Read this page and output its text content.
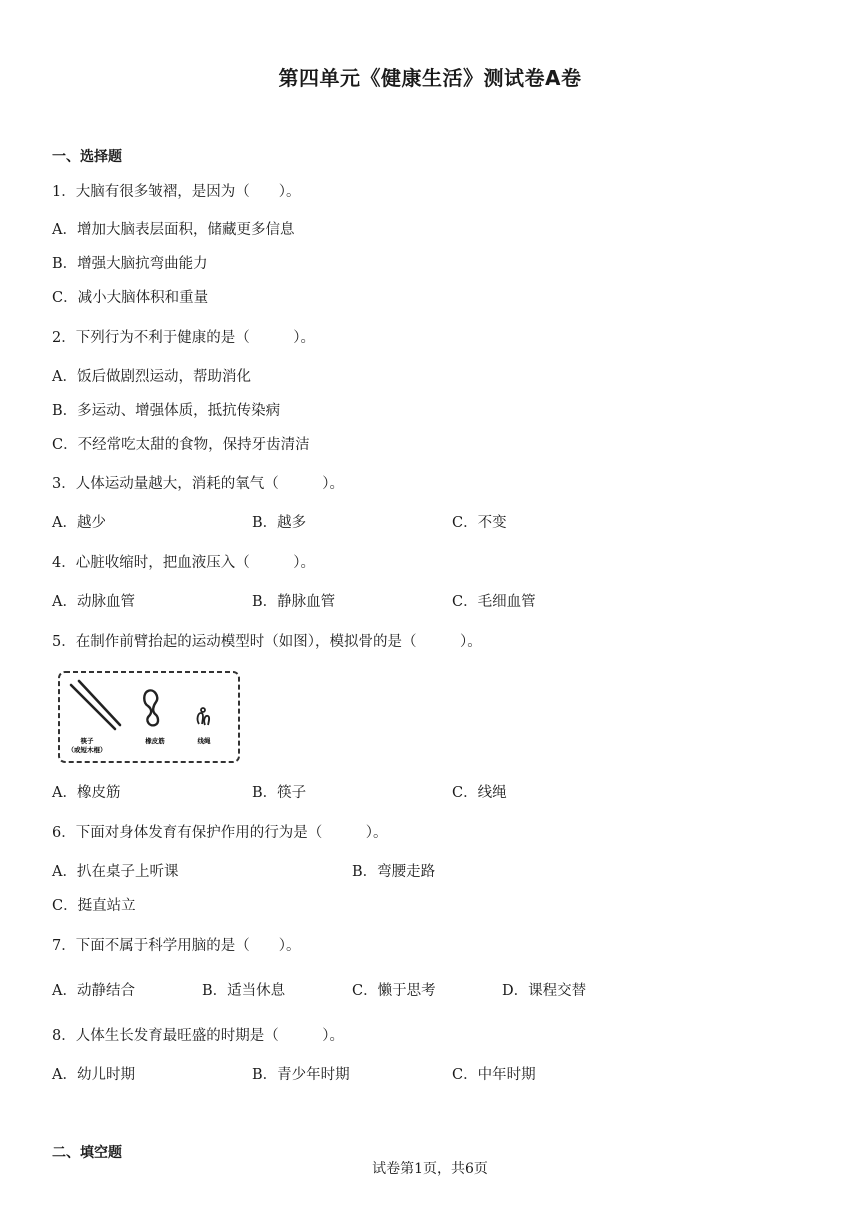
第四单元《健康生活》测试卷A卷
一、选择题
1．大脑有很多皱褶，是因为（　　）。
A．增加大脑表层面积，储藏更多信息
B．增强大脑抗弯曲能力
C．减小大脑体积和重量
2．下列行为不利于健康的是（　　　）。
A．饭后做剧烈运动，帮助消化
B．多运动、增强体质，抵抗传染病
C．不经常吃太甜的食物，保持牙齿清洁
3．人体运动量越大，消耗的氧气（　　　）。
A．越少	B．越多	C．不变
4．心脏收缩时，把血液压入（　　　）。
A．动脉血管	B．静脉血管	C．毛细血管
5．在制作前臂抬起的运动模型时（如图），模拟骨的是（　　　）。
筷子
（或短木棍）
橡皮筋	线绳
A．橡皮筋	B．筷子	C．线绳
6．下面对身体发育有保护作用的行为是（　　　）。
A．扒在桌子上听课	B．弯腰走路
C．挺直站立
7．下面不属于科学用脑的是（　　）。
A．动静结合	B．适当休息	C．懒于思考	D．课程交替
8．人体生长发育最旺盛的时期是（　　　）。
A．幼儿时期	B．青少年时期	C．中年时期
二、填空题
试卷第1页，共6页
